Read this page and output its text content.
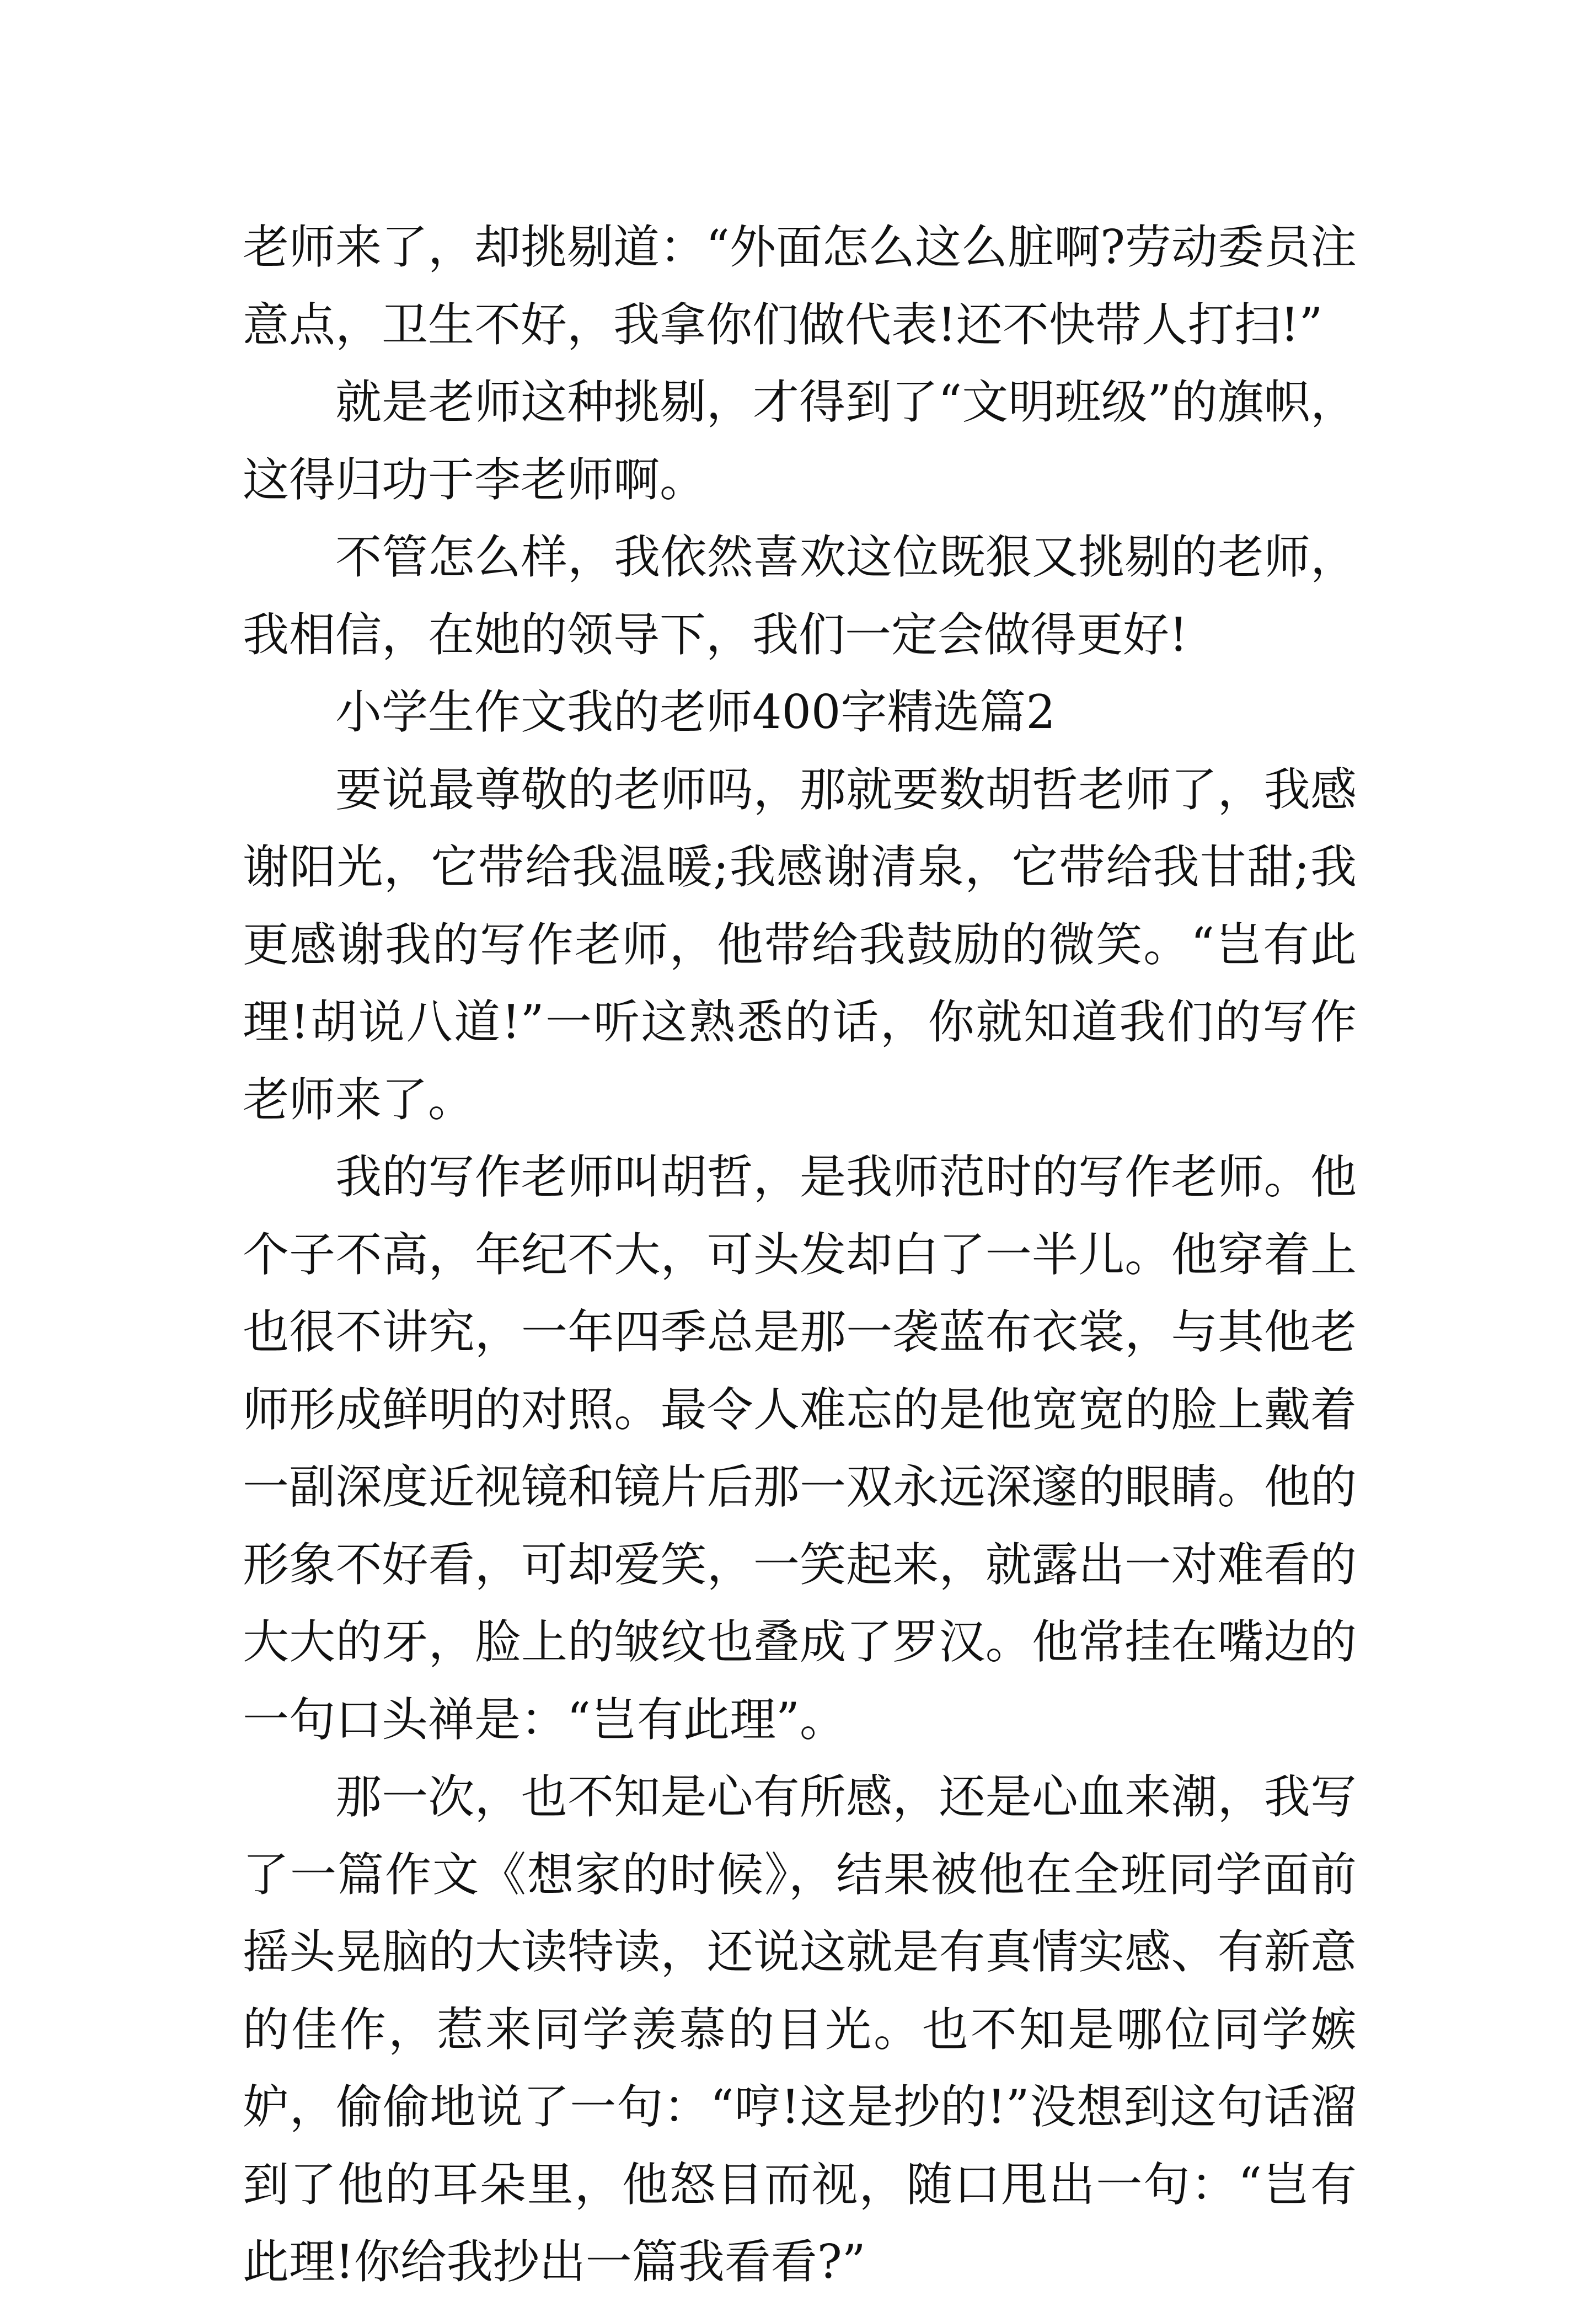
老师来了，却挑剔道：“外面怎么这么脏啊?劳动委员注意点，卫生不好，我拿你们做代表!还不快带人打扫!”

就是老师这种挑剔，才得到了“文明班级”的旗帜，这得归功于李老师啊。

不管怎么样，我依然喜欢这位既狠又挑剔的老师，我相信，在她的领导下，我们一定会做得更好!

小学生作文我的老师400字精选篇2

要说最尊敬的老师吗，那就要数胡哲老师了，我感谢阳光，它带给我温暖;我感谢清泉，它带给我甘甜;我更感谢我的写作老师，他带给我鼓励的微笑。“岂有此理!胡说八道!”一听这熟悉的话，你就知道我们的写作老师来了。

我的写作老师叫胡哲，是我师范时的写作老师。他个子不高，年纪不大，可头发却白了一半儿。他穿着上也很不讲究，一年四季总是那一袭蓝布衣裳，与其他老师形成鲜明的对照。最令人难忘的是他宽宽的脸上戴着一副深度近视镜和镜片后那一双永远深邃的眼睛。他的形象不好看，可却爱笑，一笑起来，就露出一对难看的大大的牙，脸上的皱纹也叠成了罗汉。他常挂在嘴边的一句口头禅是：“岂有此理”。

那一次，也不知是心有所感，还是心血来潮，我写了一篇作文《想家的时候》，结果被他在全班同学面前摇头晃脑的大读特读，还说这就是有真情实感、有新意的佳作，惹来同学羡慕的目光。也不知是哪位同学嫉妒，偷偷地说了一句：“哼!这是抄的!”没想到这句话溜到了他的耳朵里，他怒目而视，随口甩出一句：“岂有此理!你给我抄出一篇我看看?”
